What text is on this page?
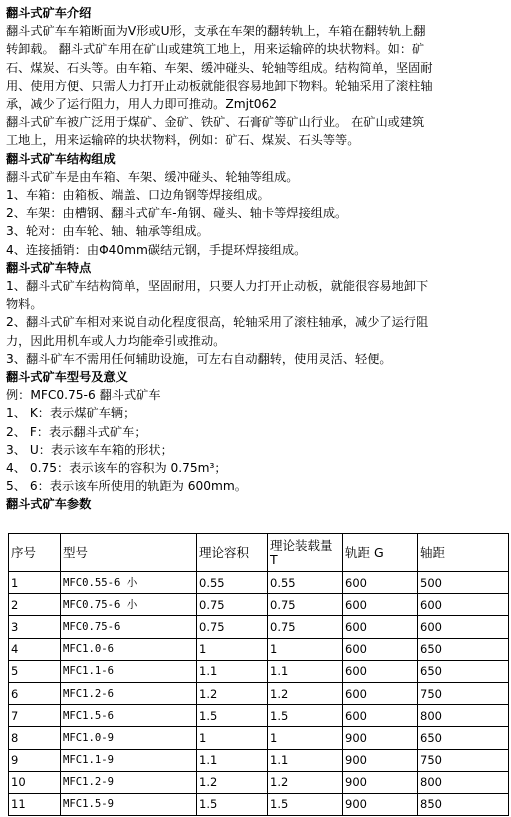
翻斗式矿车介绍
翻斗式矿车车箱断面为V形或U形，支承在车架的翻转轨上，车箱在翻转轨上翻
转卸载。 翻斗式矿车用在矿山或建筑工地上，用来运输碎的块状物料。如：矿
石、煤炭、石头等。由车箱、车架、缓冲碰头、轮轴等组成。结构简单，坚固耐
用、使用方便、只需人力打开止动板就能很容易地卸下物料。轮轴采用了滚柱轴
承，减少了运行阻力，用人力即可推动。Zmjt062
翻斗式矿车被广泛用于煤矿、金矿、铁矿、石膏矿等矿山行业。 在矿山或建筑
工地上，用来运输碎的块状物料，例如：矿石、煤炭、石头等等。
翻斗式矿车结构组成
翻斗式矿车是由车箱、车架、缓冲碰头、轮轴等组成。
1、车箱：由箱板、端盖、口边角钢等焊接组成。
2、车架：由槽钢、翻斗式矿车-角钢、碰头、轴卡等焊接组成。
3、轮对：由车轮、轴、轴承等组成。
4、连接插销：由Φ40mm碳结元钢，手提环焊接组成。
翻斗式矿车特点
1、翻斗式矿车结构简单，坚固耐用，只要人力打开止动板，就能很容易地卸下
物料。
2、翻斗式矿车相对来说自动化程度很高，轮轴采用了滚柱轴承，减少了运行阻
力，因此用机车或人力均能牵引或推动。
3、翻斗矿车不需用任何辅助设施，可左右自动翻转，使用灵活、轻便。
翻斗式矿车型号及意义
例：MFC0.75-6 翻斗式矿车
1、 K：表示煤矿车辆；
2、 F：表示翻斗式矿车；
3、 U：表示该车车箱的形状；
4、 0.75：表示该车的容积为 0.75m³；
5、 6：表示该车所使用的轨距为 600mm。
翻斗式矿车参数
序号	型号	理论容积	理论装载量 T	轨距 G	轴距
1	MFC0.55-6 小	0.55	0.55	600	500
2	MFC0.75-6 小	0.75	0.75	600	600
3	MFC0.75-6	0.75	0.75	600	600
4	MFC1.0-6	1	1	600	650
5	MFC1.1-6	1.1	1.1	600	650
6	MFC1.2-6	1.2	1.2	600	750
7	MFC1.5-6	1.5	1.5	600	800
8	MFC1.0-9	1	1	900	650
9	MFC1.1-9	1.1	1.1	900	750
10	MFC1.2-9	1.2	1.2	900	800
11	MFC1.5-9	1.5	1.5	900	850
